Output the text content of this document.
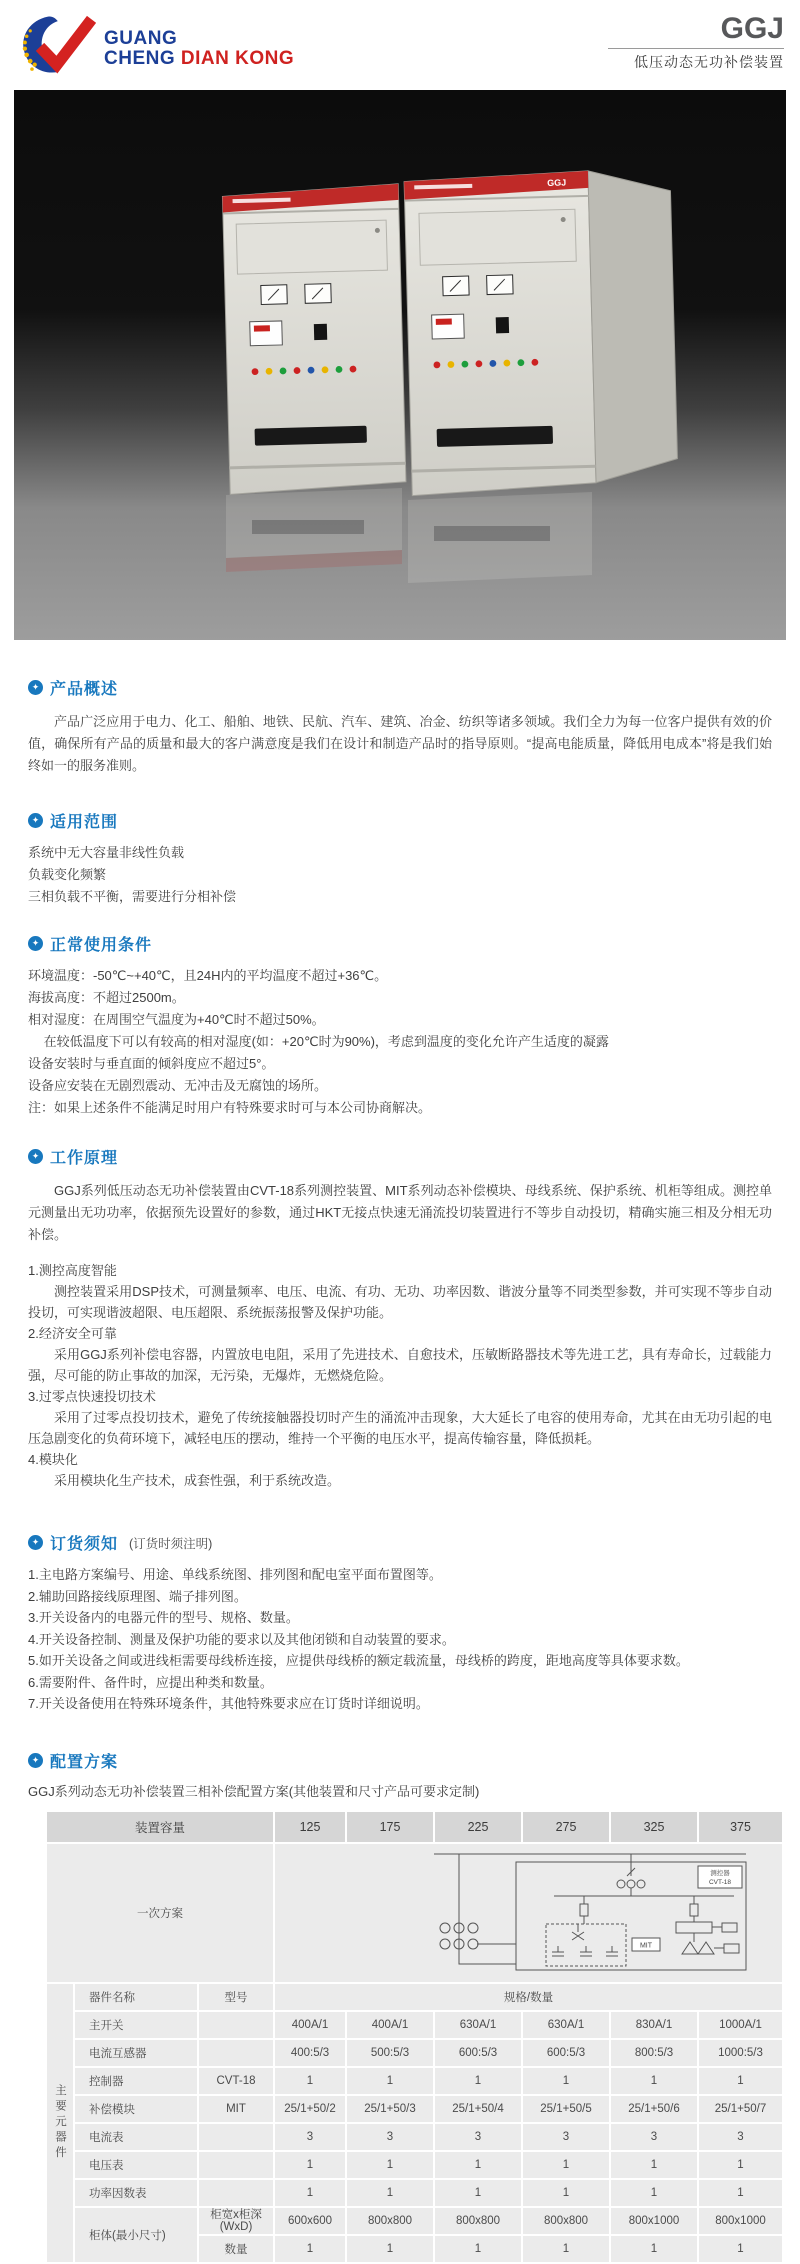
GUANG
CHENG DIAN KONG
GGJ
低压动态无功补偿装置
GGJ
✦ 产品概述
产品广泛应用于电力、化工、船舶、地铁、民航、汽车、建筑、冶金、纺织等诸多领域。我们全力为每一位客户提供有效的价值，确保所有产品的质量和最大的客户满意度是我们在设计和制造产品时的指导原则。“提高电能质量，降低用电成本”将是我们始终如一的服务准则。
✦ 适用范围
系统中无大容量非线性负载
负载变化频繁
三相负载不平衡，需要进行分相补偿
✦ 正常使用条件
环境温度：-50℃~+40℃，且24H内的平均温度不超过+36℃。
海拔高度：不超过2500m。
相对湿度：在周围空气温度为+40℃时不超过50%。
在较低温度下可以有较高的相对湿度(如：+20℃时为90%)，考虑到温度的变化允许产生适度的凝露
设备安装时与垂直面的倾斜度应不超过5°。
设备应安装在无剧烈震动、无冲击及无腐蚀的场所。
注：如果上述条件不能满足时用户有特殊要求时可与本公司协商解决。
✦ 工作原理
GGJ系列低压动态无功补偿装置由CVT-18系列测控装置、MIT系列动态补偿模块、母线系统、保护系统、机柜等组成。测控单元测量出无功功率，依据预先设置好的参数，通过HKT无接点快速无涌流投切装置进行不等步自动投切，精确实施三相及分相无功补偿。
1.测控高度智能
测控装置采用DSP技术，可测量频率、电压、电流、有功、无功、功率因数、谐波分量等不同类型参数，并可实现不等步自动投切，可实现谐波超限、电压超限、系统振荡报警及保护功能。
2.经济安全可靠
采用GGJ系列补偿电容器，内置放电电阻，采用了先进技术、自愈技术，压敏断路器技术等先进工艺，具有寿命长，过载能力强，尽可能的防止事故的加深，无污染，无爆炸，无燃烧危险。
3.过零点快速投切技术
采用了过零点投切技术，避免了传统接触器投切时产生的涌流冲击现象，大大延长了电容的使用寿命，尤其在由无功引起的电压急剧变化的负荷环境下，减轻电压的摆动，维持一个平衡的电压水平，提高传输容量，降低损耗。
4.模块化
采用模块化生产技术，成套性强，利于系统改造。
✦ 订货须知 (订货时须注明)
1.主电路方案编号、用途、单线系统图、排列图和配电室平面布置图等。
2.辅助回路接线原理图、端子排列图。
3.开关设备内的电器元件的型号、规格、数量。
4.开关设备控制、测量及保护功能的要求以及其他闭锁和自动装置的要求。
5.如开关设备之间或进线柜需要母线桥连接，应提供母线桥的额定载流量，母线桥的跨度，距地高度等具体要求数。
6.需要附件、备件时，应提出种类和数量。
7.开关设备使用在特殊环境条件，其他特殊要求应在订货时详细说明。
✦ 配置方案
GGJ系列动态无功补偿装置三相补偿配置方案(其他装置和尺寸产品可要求定制)
装置容量			125	175	225	275	325	375
一次方案			测控器
CVT-18
MIT					

主要元器件	器件名称	型号	规格/数量					
	主开关		400A/1	400A/1	630A/1	630A/1	830A/1	1000A/1
	电流互感器		400:5/3	500:5/3	600:5/3	600:5/3	800:5/3	1000:5/3
	控制器	CVT-18	1	1	1	1	1	1
	补偿模块	MIT	25/1+50/2	25/1+50/3	25/1+50/4	25/1+50/5	25/1+50/6	25/1+50/7
	电流表		3	3	3	3	3	3
	电压表		1	1	1	1	1	1
	功率因数表		1	1	1	1	1	1
	柜体(最小尺寸)	柜宽x柜深 (WxD)	600x600	800x800	800x800	800x800	800x1000	800x1000
		数量	1	1	1	1	1	1
